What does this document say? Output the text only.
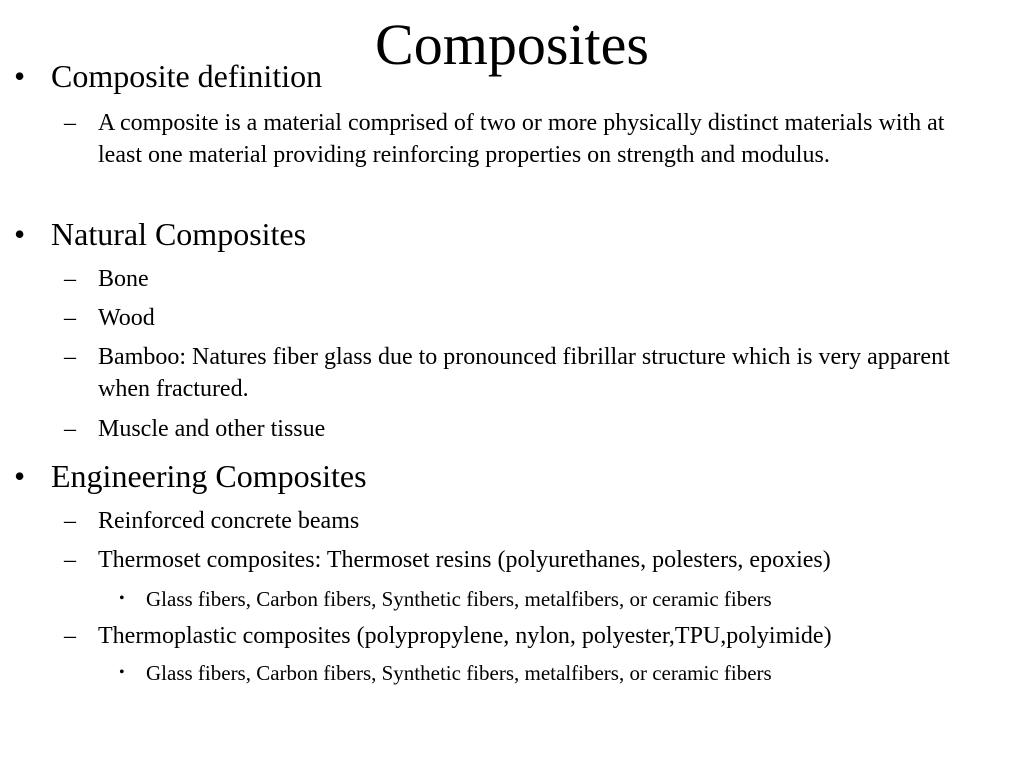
• Composite definition
– A composite is a material comprised of two or more physically distinct materials with at least one material providing reinforcing properties on strength and modulus.
• Natural Composites
– Bone
– Wood
– Bamboo: Natures fiber glass due to pronounced fibrillar structure which is very apparent when fractured.
– Muscle and other tissue
• Engineering Composites
– Reinforced concrete beams
– Thermoset composites: Thermoset resins (polyurethanes, polesters, epoxies)
• Glass fibers, Carbon fibers, Synthetic fibers, metalfibers, or ceramic fibers
– Thermoplastic composites (polypropylene, nylon, polyester,TPU,polyimide)
• Glass fibers, Carbon fibers, Synthetic fibers, metalfibers, or ceramic fibers
Composites
